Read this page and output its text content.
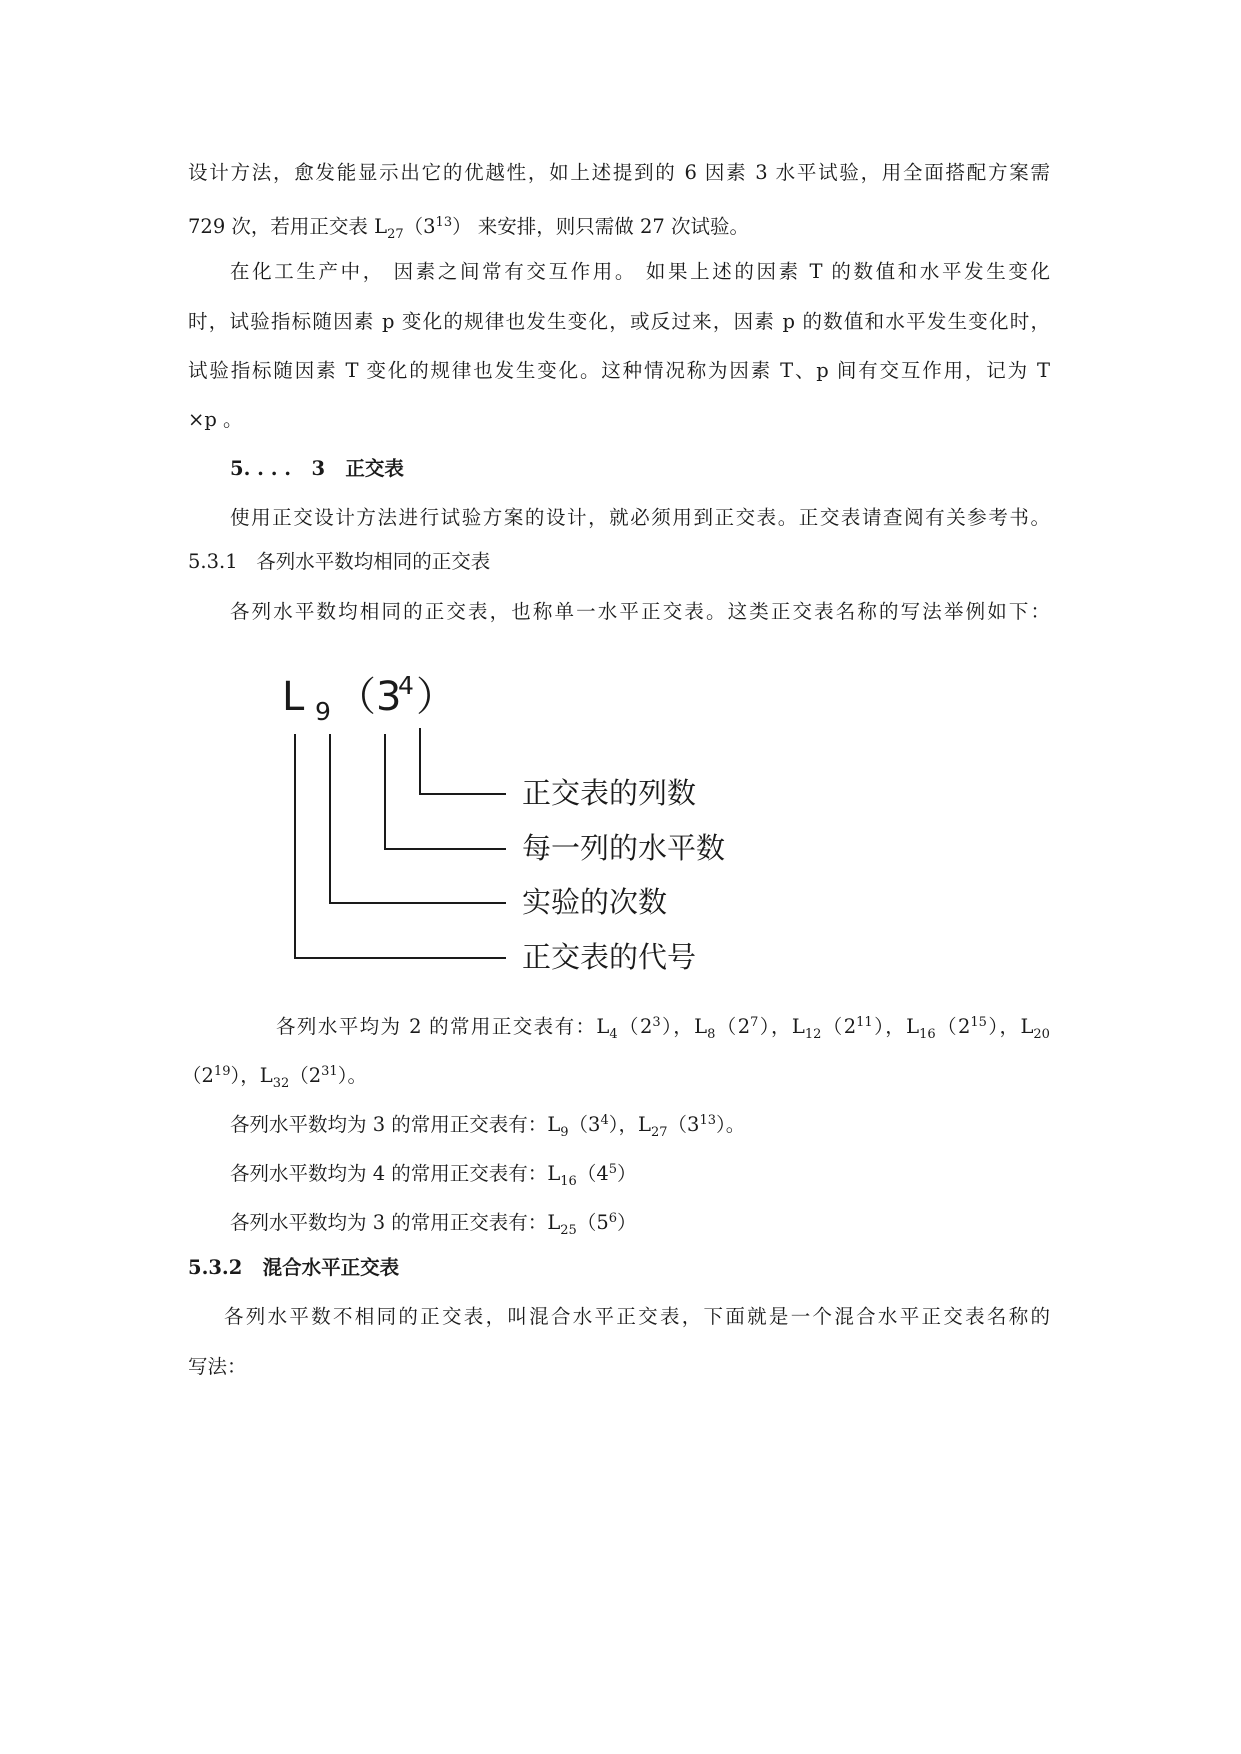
设计方法，愈发能显示出它的优越性，如上述提到的 6 因素 3 水平试验，用全面搭配方案需
729 次，若用正交表 $L_{27}(3^{13})$ 来安排，则只需做 27 次试验。
在化工生产中， 因素之间常有交互作用。 如果上述的因素 T 的数值和水平发生变化
时，试验指标随因素 p 变化的规律也发生变化，或反过来，因素 p 的数值和水平发生变化时，
试验指标随因素 T 变化的规律也发生变化。这种情况称为因素 T、p 间有交互作用，记为 T
×p 。
5. . . .   3   正交表
使用正交设计方法进行试验方案的设计，就必须用到正交表。正交表请查阅有关参考书。
5.3.1   各列水平数均相同的正交表
各列水平数均相同的正交表，也称单一水平正交表。这类正交表名称的写法举例如下：
L 9 （3
4 ）
正交表的列数
每一列的水平数
实验的次数
正交表的代号
各列水平均为 2 的常用正交表有：$L_4(2^3)$，$L_8(2^7)$，$L_{12}(2^{11})$，$L_{16}(2^{15})$，$L_{20}$
$(2^{19})$，$L_{32}(2^{31})$。
各列水平数均为 3 的常用正交表有：$L_9(3^4)$，$L_{27}(3^{13})$。
各列水平数均为 4 的常用正交表有：$L_{16}(4^5)$
各列水平数均为 3 的常用正交表有：$L_{25}(5^6)$
5.3.2   混合水平正交表
各列水平数不相同的正交表，叫混合水平正交表，下面就是一个混合水平正交表名称的
写法：
